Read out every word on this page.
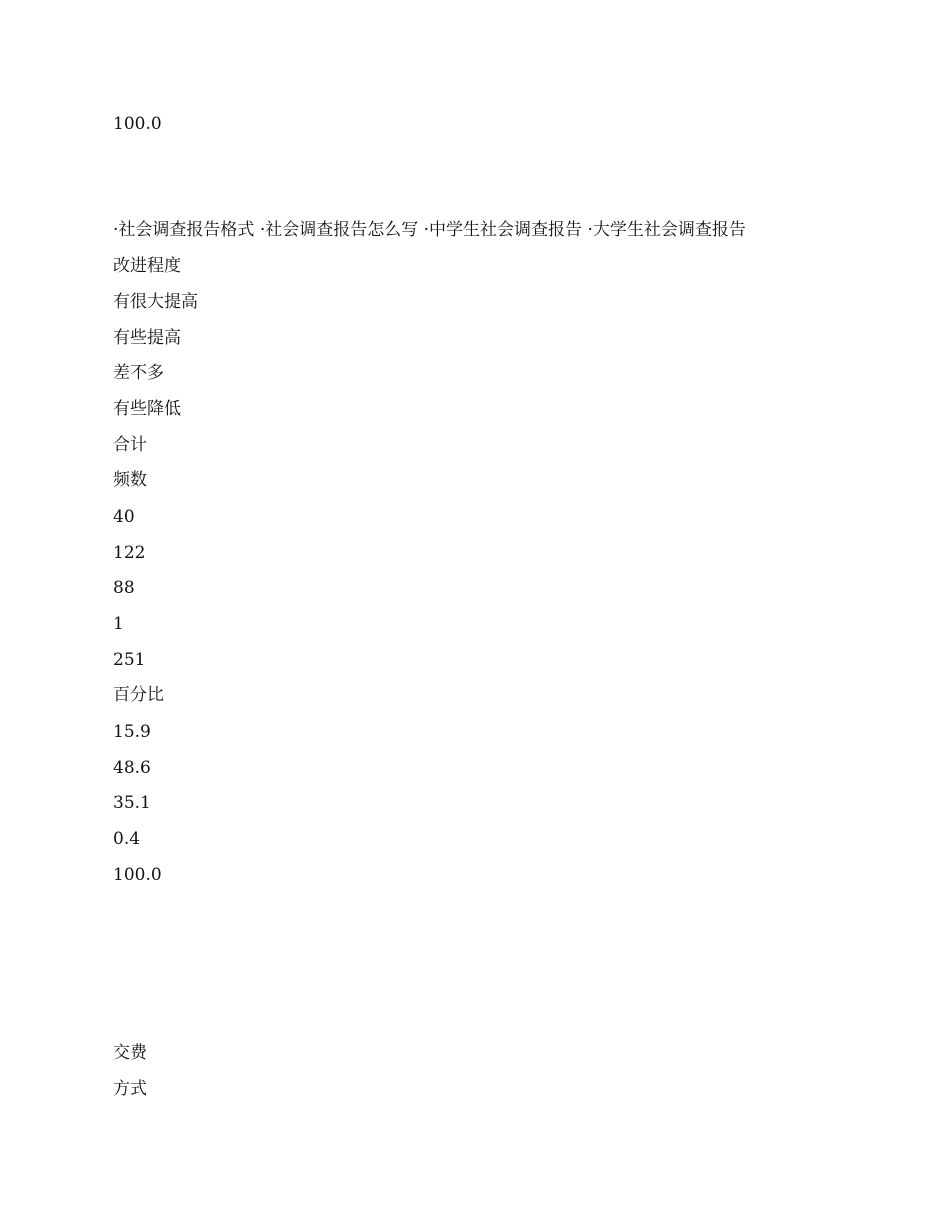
100.0

·社会调查报告格式 ·社会调查报告怎么写 ·中学生社会调查报告 ·大学生社会调查报告

改进程度

有很大提高

有些提高

差不多

有些降低

合计

频数

40

122

88

1

251

百分比

15.9

48.6

35.1

0.4

100.0

交费

方式
